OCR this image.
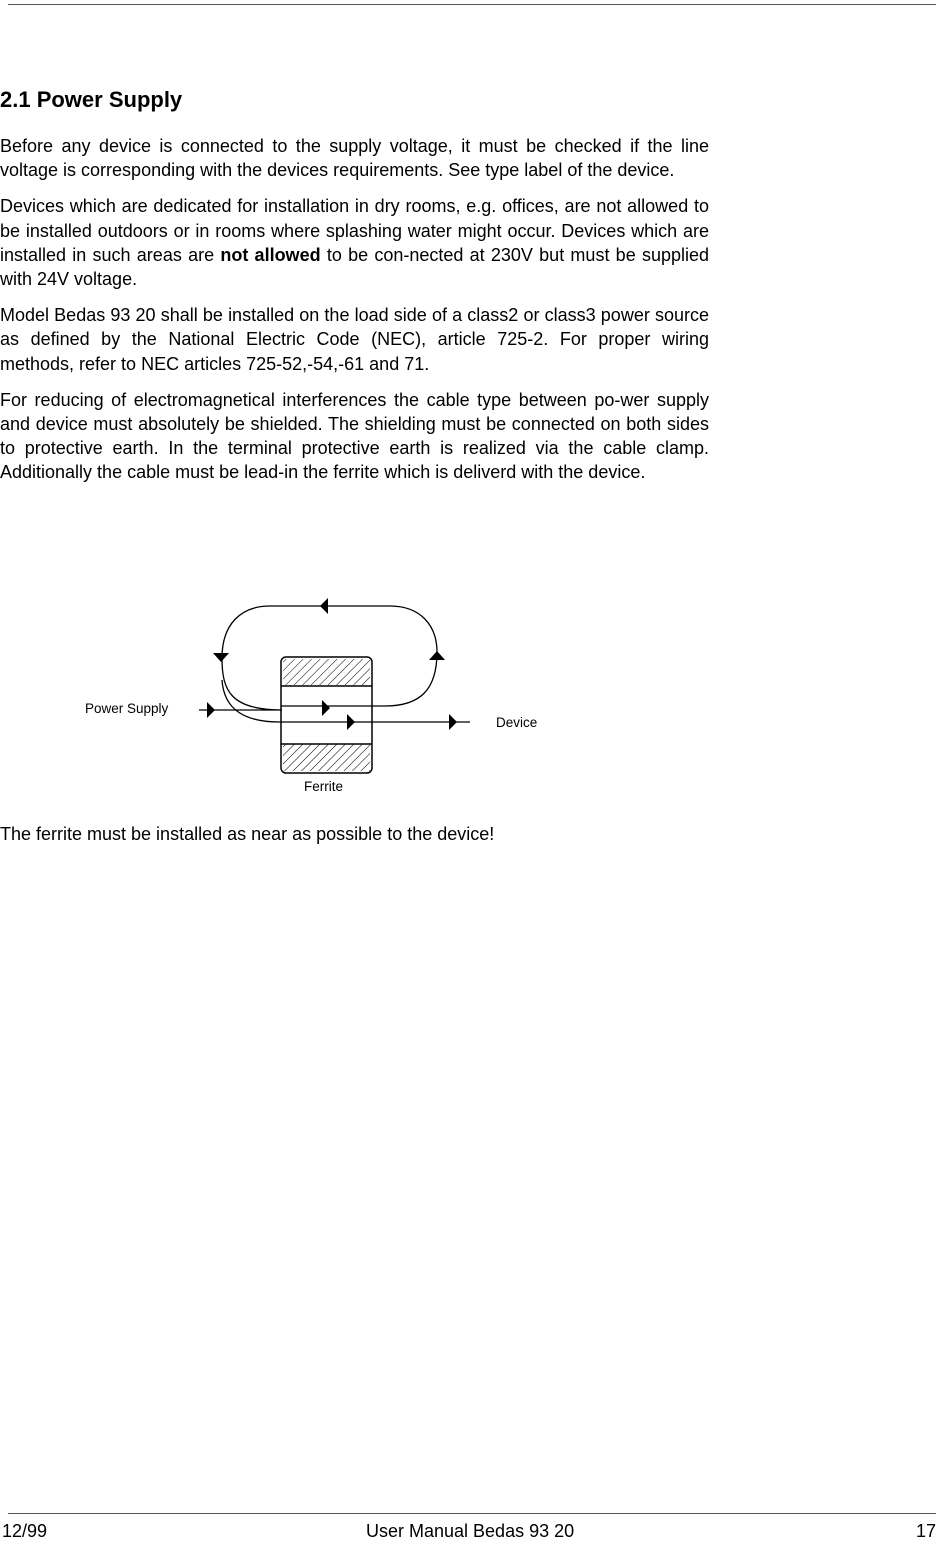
2.1 Power Supply

Before any device is connected to the supply voltage, it must be checked if the line voltage is corresponding with the devices requirements. See type label of the device.

Devices which are dedicated for installation in dry rooms, e.g. offices, are not allowed to be installed outdoors or in rooms where splashing water might occur. Devices which are installed in such areas are not allowed to be con-nected at 230V but must be supplied with 24V voltage.

Model Bedas 93 20 shall be installed on the load side of a class2 or class3 power source as defined by the National Electric Code (NEC), article 725-2. For proper wiring methods, refer to NEC articles 725-52,-54,-61 and 71.

For reducing of electromagnetical interferences the cable type between po-wer supply and device must absolutely be shielded. The shielding must be connected on both sides to protective earth. In the terminal protective earth is realized via the cable clamp. Additionally the cable must be lead-in the ferrite which is deliverd with the device.

Power Supply
Device
Ferrite

The ferrite must be installed as near as possible to the device!

12/99	User Manual Bedas 93 20	17
